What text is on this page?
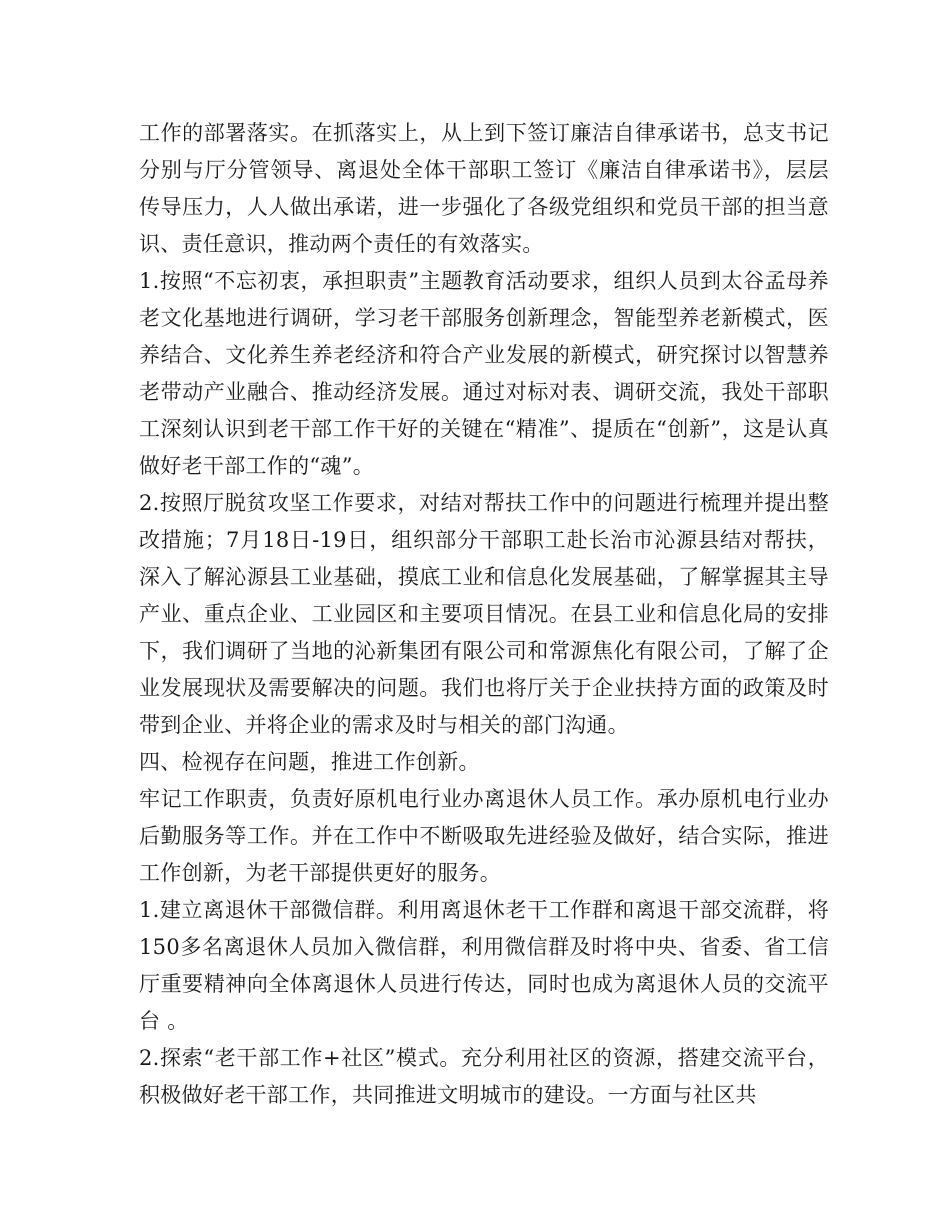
工作的部署落实。在抓落实上，从上到下签订廉洁自律承诺书，总支书记分别与厅分管领导、离退处全体干部职工签订《廉洁自律承诺书》，层层传导压力，人人做出承诺，进一步强化了各级党组织和党员干部的担当意识、责任意识，推动两个责任的有效落实。

1.按照“不忘初衷，承担职责”主题教育活动要求，组织人员到太谷孟母养老文化基地进行调研，学习老干部服务创新理念，智能型养老新模式，医养结合、文化养生养老经济和符合产业发展的新模式，研究探讨以智慧养老带动产业融合、推动经济发展。通过对标对表、调研交流，我处干部职工深刻认识到老干部工作干好的关键在“精准”、提质在“创新”，这是认真做好老干部工作的“魂”。

2.按照厅脱贫攻坚工作要求，对结对帮扶工作中的问题进行梳理并提出整改措施；7月18日-19日，组织部分干部职工赴长治市沁源县结对帮扶，深入了解沁源县工业基础，摸底工业和信息化发展基础，了解掌握其主导产业、重点企业、工业园区和主要项目情况。在县工业和信息化局的安排下，我们调研了当地的沁新集团有限公司和常源焦化有限公司，了解了企业发展现状及需要解决的问题。我们也将厅关于企业扶持方面的政策及时带到企业、并将企业的需求及时与相关的部门沟通。

四、检视存在问题，推进工作创新。

牢记工作职责，负责好原机电行业办离退休人员工作。承办原机电行业办后勤服务等工作。并在工作中不断吸取先进经验及做好，结合实际，推进工作创新，为老干部提供更好的服务。

1.建立离退休干部微信群。利用离退休老干工作群和离退干部交流群，将150多名离退休人员加入微信群，利用微信群及时将中央、省委、省工信厅重要精神向全体离退休人员进行传达，同时也成为离退休人员的交流平台 。

2.探索“老干部工作+社区”模式。充分利用社区的资源，搭建交流平台，积极做好老干部工作，共同推进文明城市的建设。一方面与社区共
